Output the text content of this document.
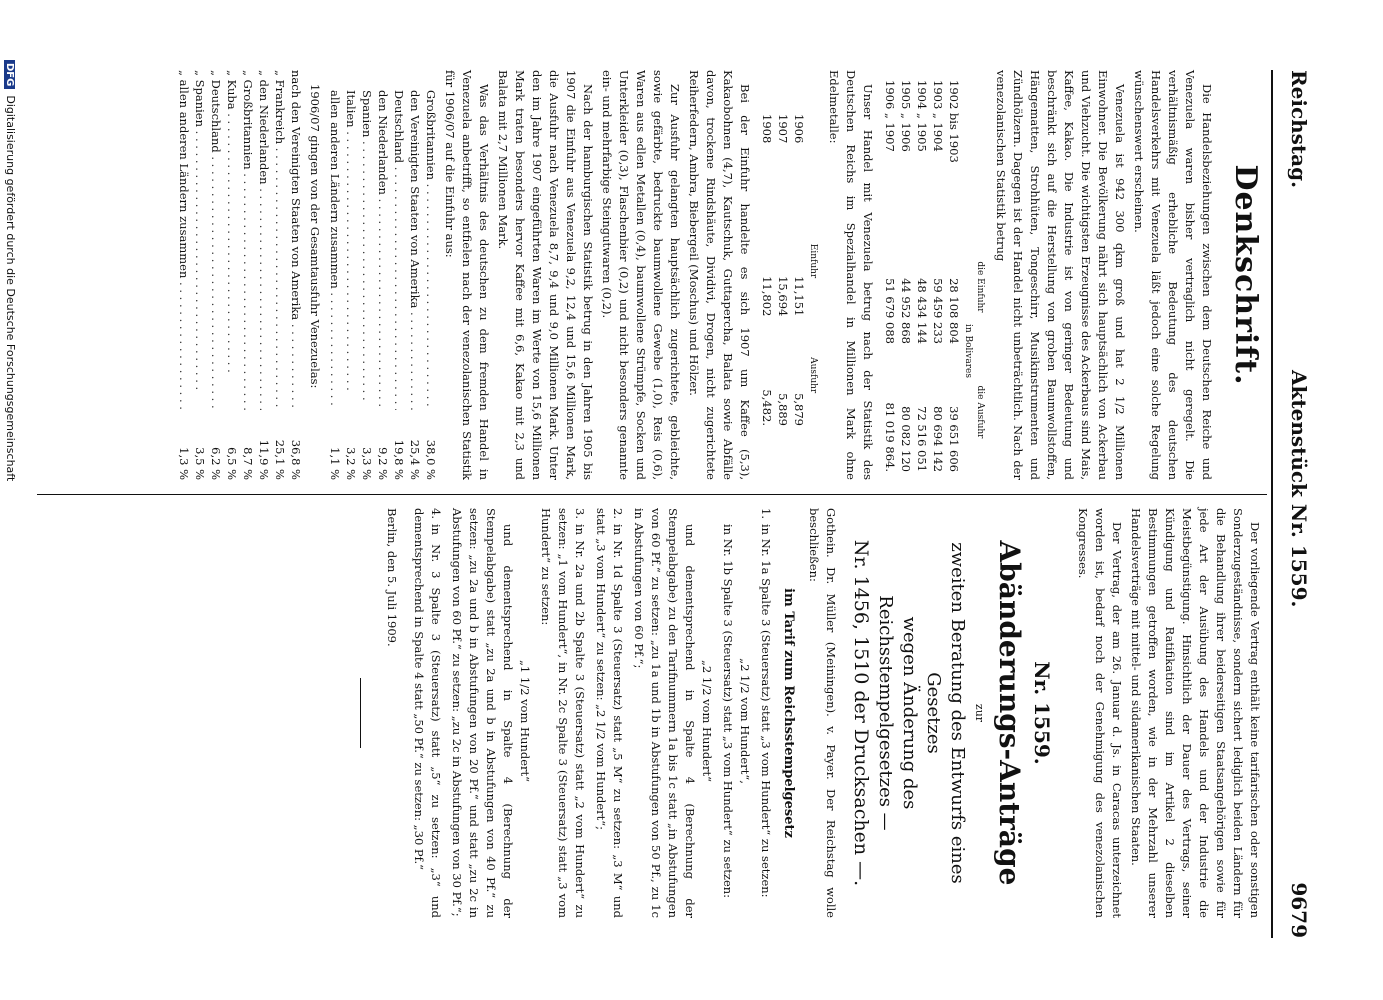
Reichstag.
Aktenstück Nr. 1559.
9679
Denkschrift.

Die Handelsbeziehungen zwischen dem Deutschen Reiche und Venezuela waren bisher vertraglich nicht geregelt. Die verhältnismäßig erhebliche Bedeutung des deutschen Handelsverkehrs mit Venezuela läßt jedoch eine solche Regelung wünschenswert erscheinen.

Venezuela ist 942 300 qkm groß und hat 2 1/2 Millionen Einwohner. Die Bevölkerung nährt sich hauptsächlich von Ackerbau und Viehzucht. Die wichtigsten Erzeugnisse des Ackerbaus sind Mais, Kaffee, Kakao. Die Industrie ist von geringer Bedeutung und beschränkt sich auf die Herstellung von groben Baumwollstoffen, Hängematten, Strohhüten, Tongeschirr, Musikinstrumenten und Zündhölzern. Dagegen ist der Handel nicht unbeträchtlich. Nach der venezolanischen Statistik betrug

	die Einfuhr	die Ausfuhr
	in Bolivares	
1902 bis 1903	28 108 804	39 651 606
1903 „ 1904	59 459 233	80 694 142
1904 „ 1905	48 434 144	72 516 051
1905 „ 1906	44 952 868	80 082 120
1906 „ 1907	51 679 088	81 019 864.

Unser Handel mit Venezuela betrug nach der Statistik des Deutschen Reichs im Spezialhandel in Millionen Mark ohne Edelmetalle:

	Einfuhr	Ausfuhr
1906	11,151	5,879
1907	15,694	5,889
1908	11,802	5,482.

Bei der Einfuhr handelte es sich 1907 um Kaffee (5,3), Kakaobohnen (4,7), Kautschuk, Guttapercha, Balata sowie Abfälle davon, trockene Rindshäute, Dividivi, Drogen, nicht zugerichtete Reiherfedern, Ambra, Biebergeil (Moschus) und Hölzer.

Zur Ausfuhr gelangten hauptsächlich zugerichtete, gebleichte, sowie gefärbte, bedruckte baumwollene Gewebe (1,0), Reis (0,6), Waren aus edlen Metallen (0,4), baumwollene Strümpfe, Socken und Unterkleider (0,3), Flaschenbier (0,2) und nicht besonders genannte ein- und mehrfarbige Steingutwaren (0,2).

Nach der hamburgischen Statistik betrug in den Jahren 1905 bis 1907 die Einfuhr aus Venezuela 9,2, 12,4 und 15,6 Millionen Mark, die Ausfuhr nach Venezuela 8,7, 9,4 und 9,0 Millionen Mark. Unter den im Jahre 1907 eingeführten Waren im Werte von 15,6 Millionen Mark traten besonders hervor Kaffee mit 6,6, Kakao mit 2,3 und Balata mit 2,7 Millionen Mark.

Was das Verhältnis des deutschen zu dem fremden Handel in Venezuela anbetrifft, so entfielen nach der venezolanischen Statistik für 1906/07 auf die Einfuhr aus:

Großbritannien . . .
38,0 %
den Vereinigten Staaten von Amerika . . .
25,4 %
Deutschland . . .
19,8 %
den Niederlanden . . .
9,2 %
Spanien . . .
3,3 %
Italien . . .
3,2 %
allen anderen Ländern zusammen . . .
1,1 %

1906/07 gingen von der Gesamtausfuhr Venezuelas:

nach den Vereinigten Staaten von Amerika . . .
36,8 %
„ Frankreich . . .
25,1 %
„ den Niederlanden . . .
11,9 %
„ Großbritannien . . .
8,7 %
„ Kuba . . .
6,5 %
„ Deutschland . . .
6,2 %
„ Spanien . . .
3,5 %
„ allen anderen Ländern zusammen . . .
1,3 %

Der vorliegende Vertrag enthält keine tarifarischen oder sonstigen Sonderzugeständnisse, sondern sichert lediglich beiden Ländern für die Behandlung ihrer beiderseitigen Staatsangehörigen sowie für jede Art der Ausübung des Handels und der Industrie die Meistbegünstigung. Hinsichtlich der Dauer des Vertrags, seiner Kündigung und Ratifikation sind im Artikel 2 dieselben Bestimmungen getroffen worden, wie in der Mehrzahl unserer Handelsverträge mit mittel- und südamerikanischen Staaten.

Der Vertrag, der am 26. Januar d. Js. in Caracas unterzeichnet worden ist, bedarf noch der Genehmigung des venezolanischen Kongresses.

Nr. 1559.
Abänderungs-Anträge
zur
zweiten Beratung des Entwurfs eines Gesetzes
wegen Änderung des Reichsstempelgesetzes —
Nr. 1456, 1510 der Drucksachen —.

Gothein. Dr. Müller (Meiningen). v. Payer. Der Reichstag wolle beschließen:

im Tarif zum Reichsstempelgesetz
1.in Nr. 1a Spalte 3 (Steuersatz) statt „3 vom Hundert“ zu setzen:
„2 1/2 vom Hundert“,
in Nr. 1b Spalte 3 (Steuersatz) statt „3 vom Hundert“ zu setzen:
„2 1/2 vom Hundert“
und dementsprechend in Spalte 4 (Berechnung der Stempelabgabe) zu den Tarifnummern 1a bis 1c statt „in Abstufungen von 60 Pf.“ zu setzen: „zu 1a und 1b in Abstufungen von 50 Pf., zu 1c in Abstufungen von 60 Pf.“;
2.in Nr. 1d Spalte 3 (Steuersatz) statt „5 M“ zu setzen: „3 M“ und statt „3 vom Hundert“ zu setzen: „2 1/2 vom Hundert“;
3.in Nr. 2a und 2b Spalte 3 (Steuersatz) statt „2 vom Hundert“ zu setzen: „1 vom Hundert“, in Nr. 2c Spalte 3 (Steuersatz) statt „3 vom Hundert“ zu setzen:
„1 1/2 vom Hundert“
und dementsprechend in Spalte 4 (Berechnung der Stempelabgabe) statt „zu 2a und b in Abstufungen von 40 Pf.“ zu setzen: „zu 2a und b in Abstufungen von 20 Pf.“ und statt „zu 2c in Abstufungen von 60 Pf.“ zu setzen: „zu 2c in Abstufungen von 30 Pf.“;
4.in Nr. 3 Spalte 3 (Steuersatz) statt „5“ zu setzen: „3“ und dementsprechend in Spalte 4 statt „50 Pf.“ zu setzen: „30 Pf.“

Berlin, den 5. Juli 1909.

DFGDigitalisierung gefördert durch die Deutsche Forschungsgemeinschaft
